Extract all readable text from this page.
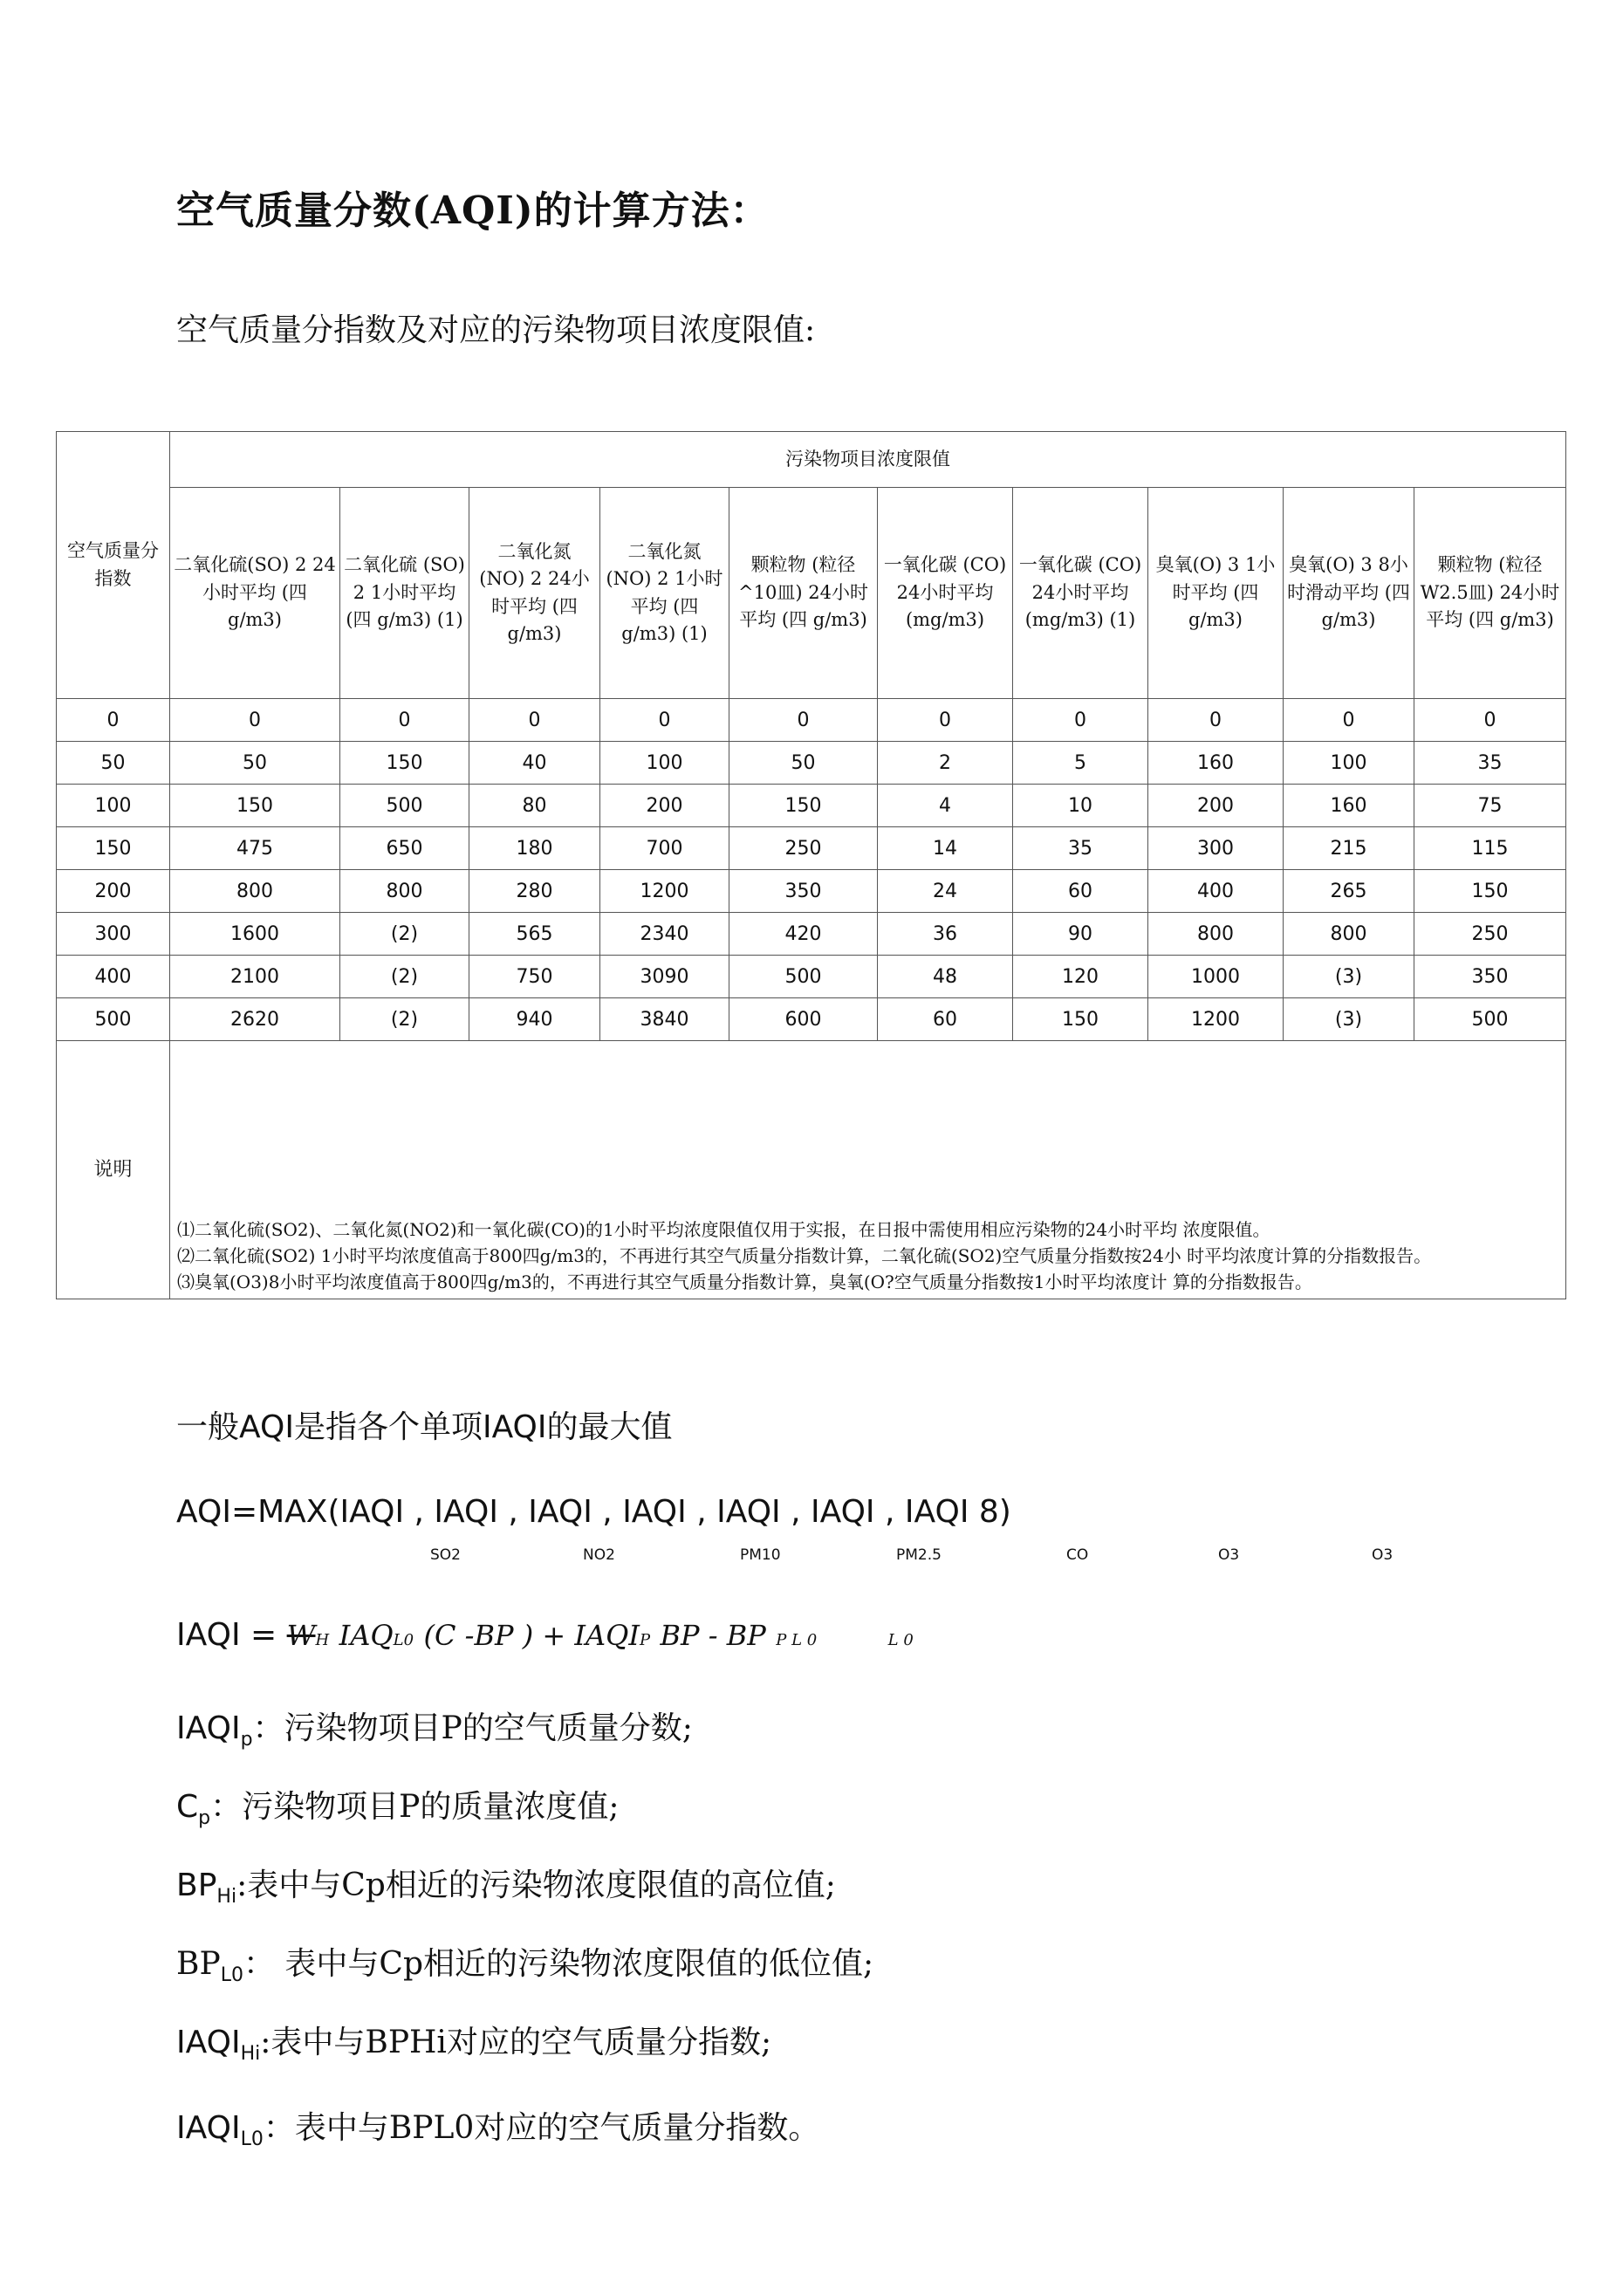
空气质量分数(AQI)的计算方法：
空气质量分指数及对应的污染物项目浓度限值:
空气质量分指数	污染物项目浓度限值									
	二氧化硫(SO) 2 24小时平均 (四 g/m3)	二氧化硫 (SO) 2 1小时平均 (四 g/m3) (1)	二氧化氮 (NO) 2 24小时平均 (四 g/m3)	二氧化氮 (NO) 2 1小时平均 (四 g/m3) (1)	颗粒物 (粒径^10皿) 24小时平均 (四 g/m3)	一氧化碳 (CO) 24小时平均 (mg/m3)	一氧化碳 (CO) 24小时平均 (mg/m3) (1)	臭氧(O) 3 1小时平均 (四 g/m3)	臭氧(O) 3 8小时滑动平均 (四 g/m3)	颗粒物 (粒径W2.5皿) 24小时平均 (四 g/m3)
0	0	0	0	0	0	0	0	0	0	0
50	50	150	40	100	50	2	5	160	100	35
100	150	500	80	200	150	4	10	200	160	75
150	475	650	180	700	250	14	35	300	215	115
200	800	800	280	1200	350	24	60	400	265	150
300	1600	(2)	565	2340	420	36	90	800	800	250
400	2100	(2)	750	3090	500	48	120	1000	(3)	350
500	2620	(2)	940	3840	600	60	150	1200	(3)	500
说明	⑴二氧化硫(SO2)、二氧化氮(NO2)和一氧化碳(CO)的1小时平均浓度限值仅用于实报，在日报中需使用相应污染物的24小时平均 浓度限值。
⑵二氧化硫(SO2) 1小时平均浓度值高于800四g/m3的，不再进行其空气质量分指数计算，二氧化硫(SO2)空气质量分指数按24小 时平均浓度计算的分指数报告。
⑶臭氧(O3)8小时平均浓度值高于800四g/m3的，不再进行其空气质量分指数计算，臭氧(O?空气质量分指数按1小时平均浓度计 算的分指数报告。									
一般AQI是指各个单项IAQI的最大值
AQI=MAX(IAQI , IAQI , IAQI , IAQI , IAQI , IAQI , IAQI 8)
SO2	NO2	PM10	PM2.5	CO	O3	O3
IAQI = WH IAQL0 (C -BP ) + IAQIP BP - BP P L 0	L 0
$IAQI_p$：污染物项目P的空气质量分数;
$C_p$：污染物项目P的质量浓度值;
$BP_{Hi}$:表中与Cp相近的污染物浓度限值的高位值;
$BP_{L0}$： 表中与Cp相近的污染物浓度限值的低位值;
$IAQI_{Hi}$:表中与BPHi对应的空气质量分指数;
$IAQI_{L0}$：表中与BPL0对应的空气质量分指数。
